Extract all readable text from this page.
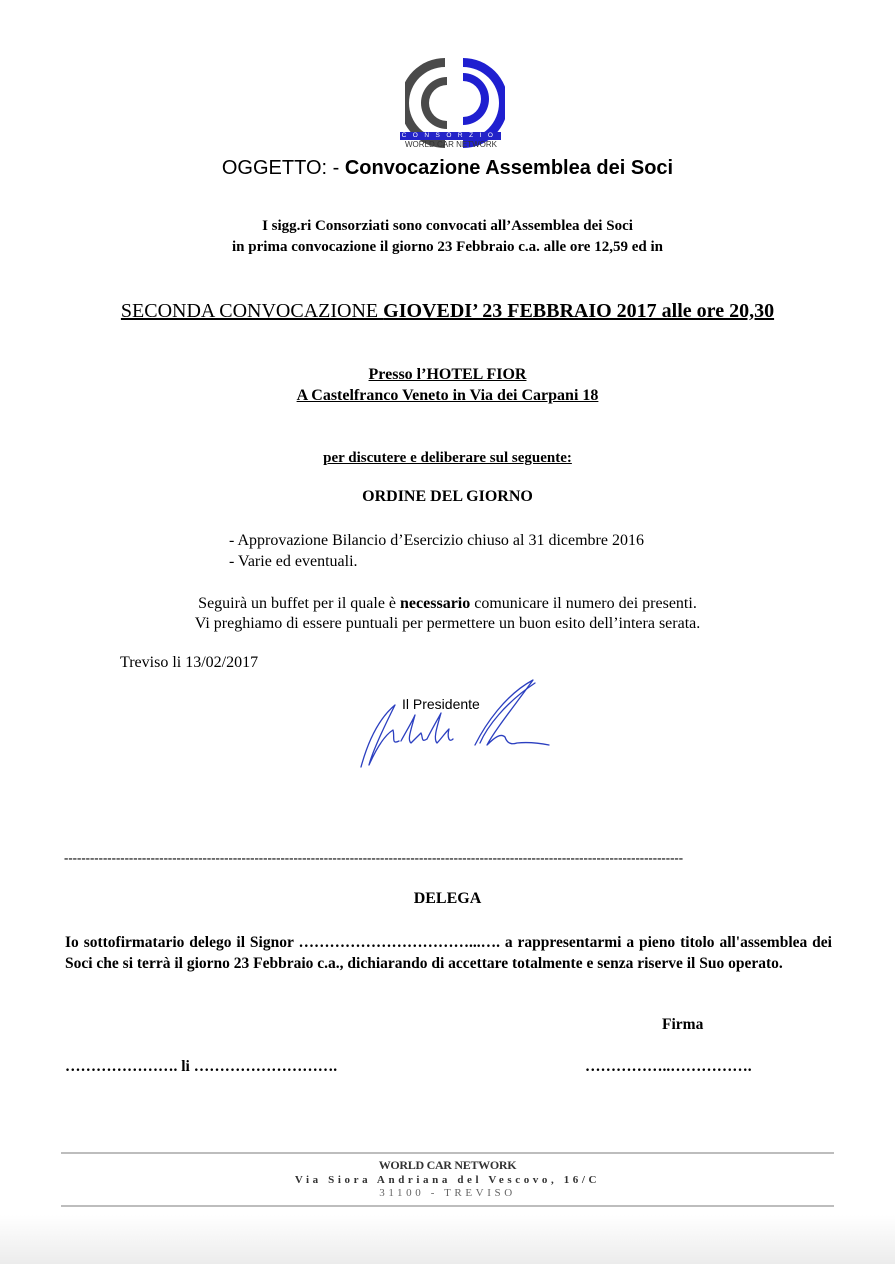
CONSORZIO
WORLD CAR NETWORK
OGGETTO: - Convocazione Assemblea dei Soci
I sigg.ri Consorziati sono convocati all’Assemblea dei Soci
in prima convocazione il giorno 23 Febbraio c.a. alle ore 12,59 ed in
SECONDA CONVOCAZIONE GIOVEDI’ 23 FEBBRAIO 2017 alle ore 20,30
Presso l’HOTEL FIOR
A Castelfranco Veneto in Via dei Carpani 18
per discutere e deliberare sul seguente:
ORDINE DEL GIORNO
- Approvazione Bilancio d’Esercizio chiuso al 31 dicembre 2016
- Varie ed eventuali.
Seguirà un buffet per il quale è necessario comunicare il numero dei presenti.
Vi preghiamo di essere puntuali per permettere un buon esito dell’intera serata.
Treviso li 13/02/2017
Il Presidente
-----------------------------------------------------------------------------------------------------------------------------------------------
DELEGA
Io sottofirmatario delego il Signor ……………………………...…. a rappresentarmi a pieno titolo all'assemblea dei Soci che si terrà il giorno 23 Febbraio c.a., dichiarando di accettare totalmente e senza riserve il Suo operato.
Firma
…………………. li ……………………….	……………..…………….
WORLD CAR NETWORK
Via Siora Andriana del Vescovo, 16/C
31100 - TREVISO
